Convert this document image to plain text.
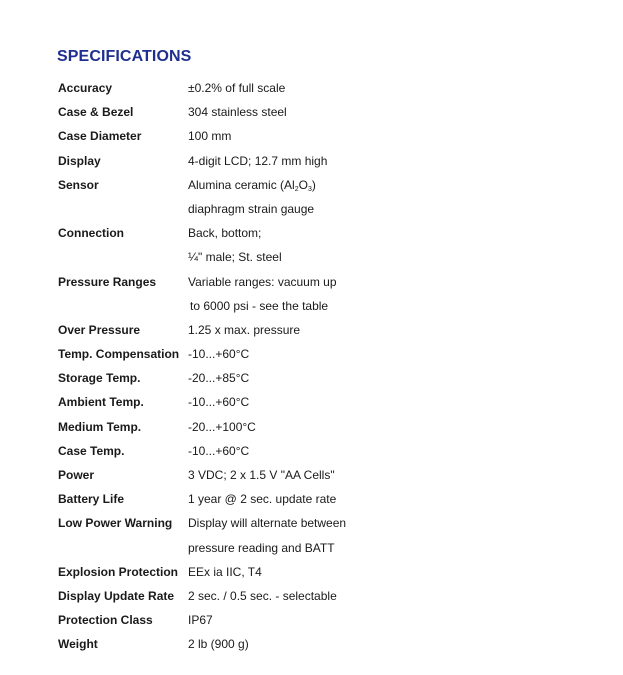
SPECIFICATIONS
Accuracy	±0.2% of full scale
Case & Bezel	304 stainless steel
Case Diameter	100 mm
Display	4-digit LCD; 12.7 mm high
Sensor	Alumina ceramic $(Al_2O_3)$
diaphragm strain gauge
Connection	Back, bottom;
¼" male; St. steel
Pressure Ranges	Variable ranges: vacuum up
to 6000 psi - see the table
Over Pressure	1.25 x max. pressure
Temp. Compensation -10...+60°C
Storage Temp.	-20...+85°C
Ambient Temp.	-10...+60°C
Medium Temp.	-20...+100°C
Case Temp.	-10...+60°C
Power	3 VDC; 2 x 1.5 V "AA Cells"
Battery Life	1 year @ 2 sec. update rate
Low Power Warning	Display will alternate between
pressure reading and BATT
Explosion Protection EEx ia IIC, T4
Display Update Rate	2 sec. / 0.5 sec. - selectable
Protection Class	IP67
Weight	2 lb (900 g)
